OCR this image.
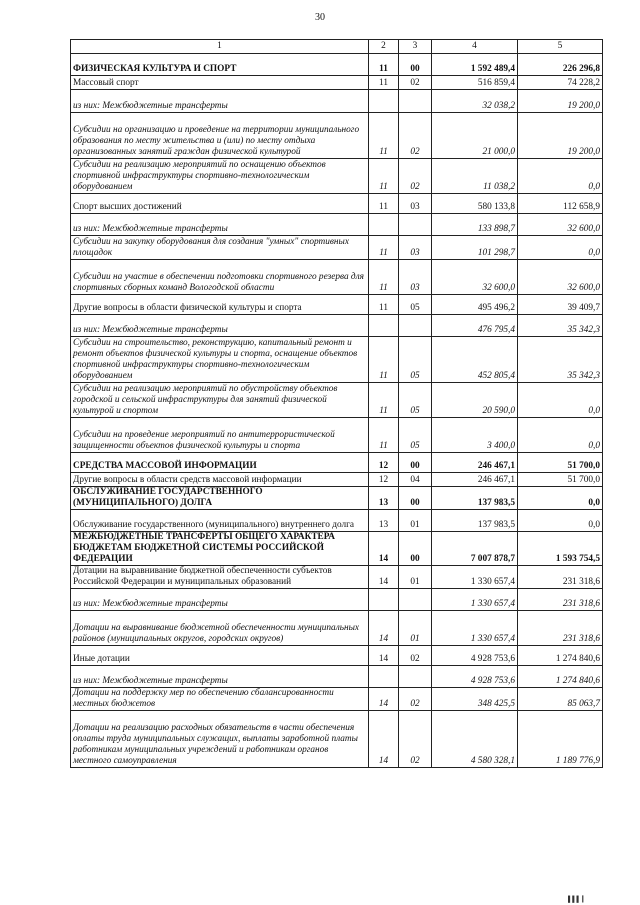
30
1	2	3	4	5
ФИЗИЧЕСКАЯ КУЛЬТУРА И СПОРТ	11	00	1 592 489,4	226 296,8
Массовый спорт	11	02	516 859,4	74 228,2
из них: Межбюджетные трансферты			32 038,2	19 200,0
Субсидии на организацию и проведение на территории муниципального образования по месту жительства и (или) по месту отдыха организованных занятий граждан физической культурой	11	02	21 000,0	19 200,0
Субсидии на реализацию мероприятий по оснащению объектов спортивной инфраструктуры спортивно-технологическим оборудованием	11	02	11 038,2	0,0
Спорт высших достижений	11	03	580 133,8	112 658,9
из них: Межбюджетные трансферты			133 898,7	32 600,0
Субсидии на закупку оборудования для создания "умных" спортивных площадок	11	03	101 298,7	0,0
Субсидии на участие в обеспечении подготовки спортивного резерва для спортивных сборных команд Вологодской области	11	03	32 600,0	32 600,0
Другие вопросы в области физической культуры и спорта	11	05	495 496,2	39 409,7
из них: Межбюджетные трансферты			476 795,4	35 342,3
Субсидии на строительство, реконструкцию, капитальный ремонт и ремонт объектов физической культуры и спорта, оснащение объектов спортивной инфраструктуры спортивно-технологическим оборудованием	11	05	452 805,4	35 342,3
Субсидии на реализацию мероприятий по обустройству объектов городской и сельской инфраструктуры для занятий физической культурой и спортом	11	05	20 590,0	0,0
Субсидии на проведение мероприятий по антитеррористической защищенности объектов физической культуры и спорта	11	05	3 400,0	0,0
СРЕДСТВА МАССОВОЙ ИНФОРМАЦИИ	12	00	246 467,1	51 700,0
Другие вопросы в области средств массовой информации	12	04	246 467,1	51 700,0
ОБСЛУЖИВАНИЕ ГОСУДАРСТВЕННОГО (МУНИЦИПАЛЬНОГО) ДОЛГА	13	00	137 983,5	0,0
Обслуживание государственного (муниципального) внутреннего долга	13	01	137 983,5	0,0
МЕЖБЮДЖЕТНЫЕ ТРАНСФЕРТЫ ОБЩЕГО ХАРАКТЕРА БЮДЖЕТАМ БЮДЖЕТНОЙ СИСТЕМЫ РОССИЙСКОЙ ФЕДЕРАЦИИ	14	00	7 007 878,7	1 593 754,5
Дотации на выравнивание бюджетной обеспеченности субъектов Российской Федерации и муниципальных образований	14	01	1 330 657,4	231 318,6
из них: Межбюджетные трансферты			1 330 657,4	231 318,6
Дотации на выравнивание бюджетной обеспеченности муниципальных районов (муниципальных округов, городских округов)	14	01	1 330 657,4	231 318,6
Иные дотации	14	02	4 928 753,6	1 274 840,6
из них: Межбюджетные трансферты			4 928 753,6	1 274 840,6
Дотации на поддержку мер по обеспечению сбалансированности местных бюджетов	14	02	348 425,5	85 063,7
Дотации на реализацию расходных обязательств в части обеспечения оплаты труда муниципальных служащих, выплаты заработной платы работникам муниципальных учреждений и работникам органов местного самоуправления	14	02	4 580 328,1	1 189 776,9
▌▌▌ ▎
